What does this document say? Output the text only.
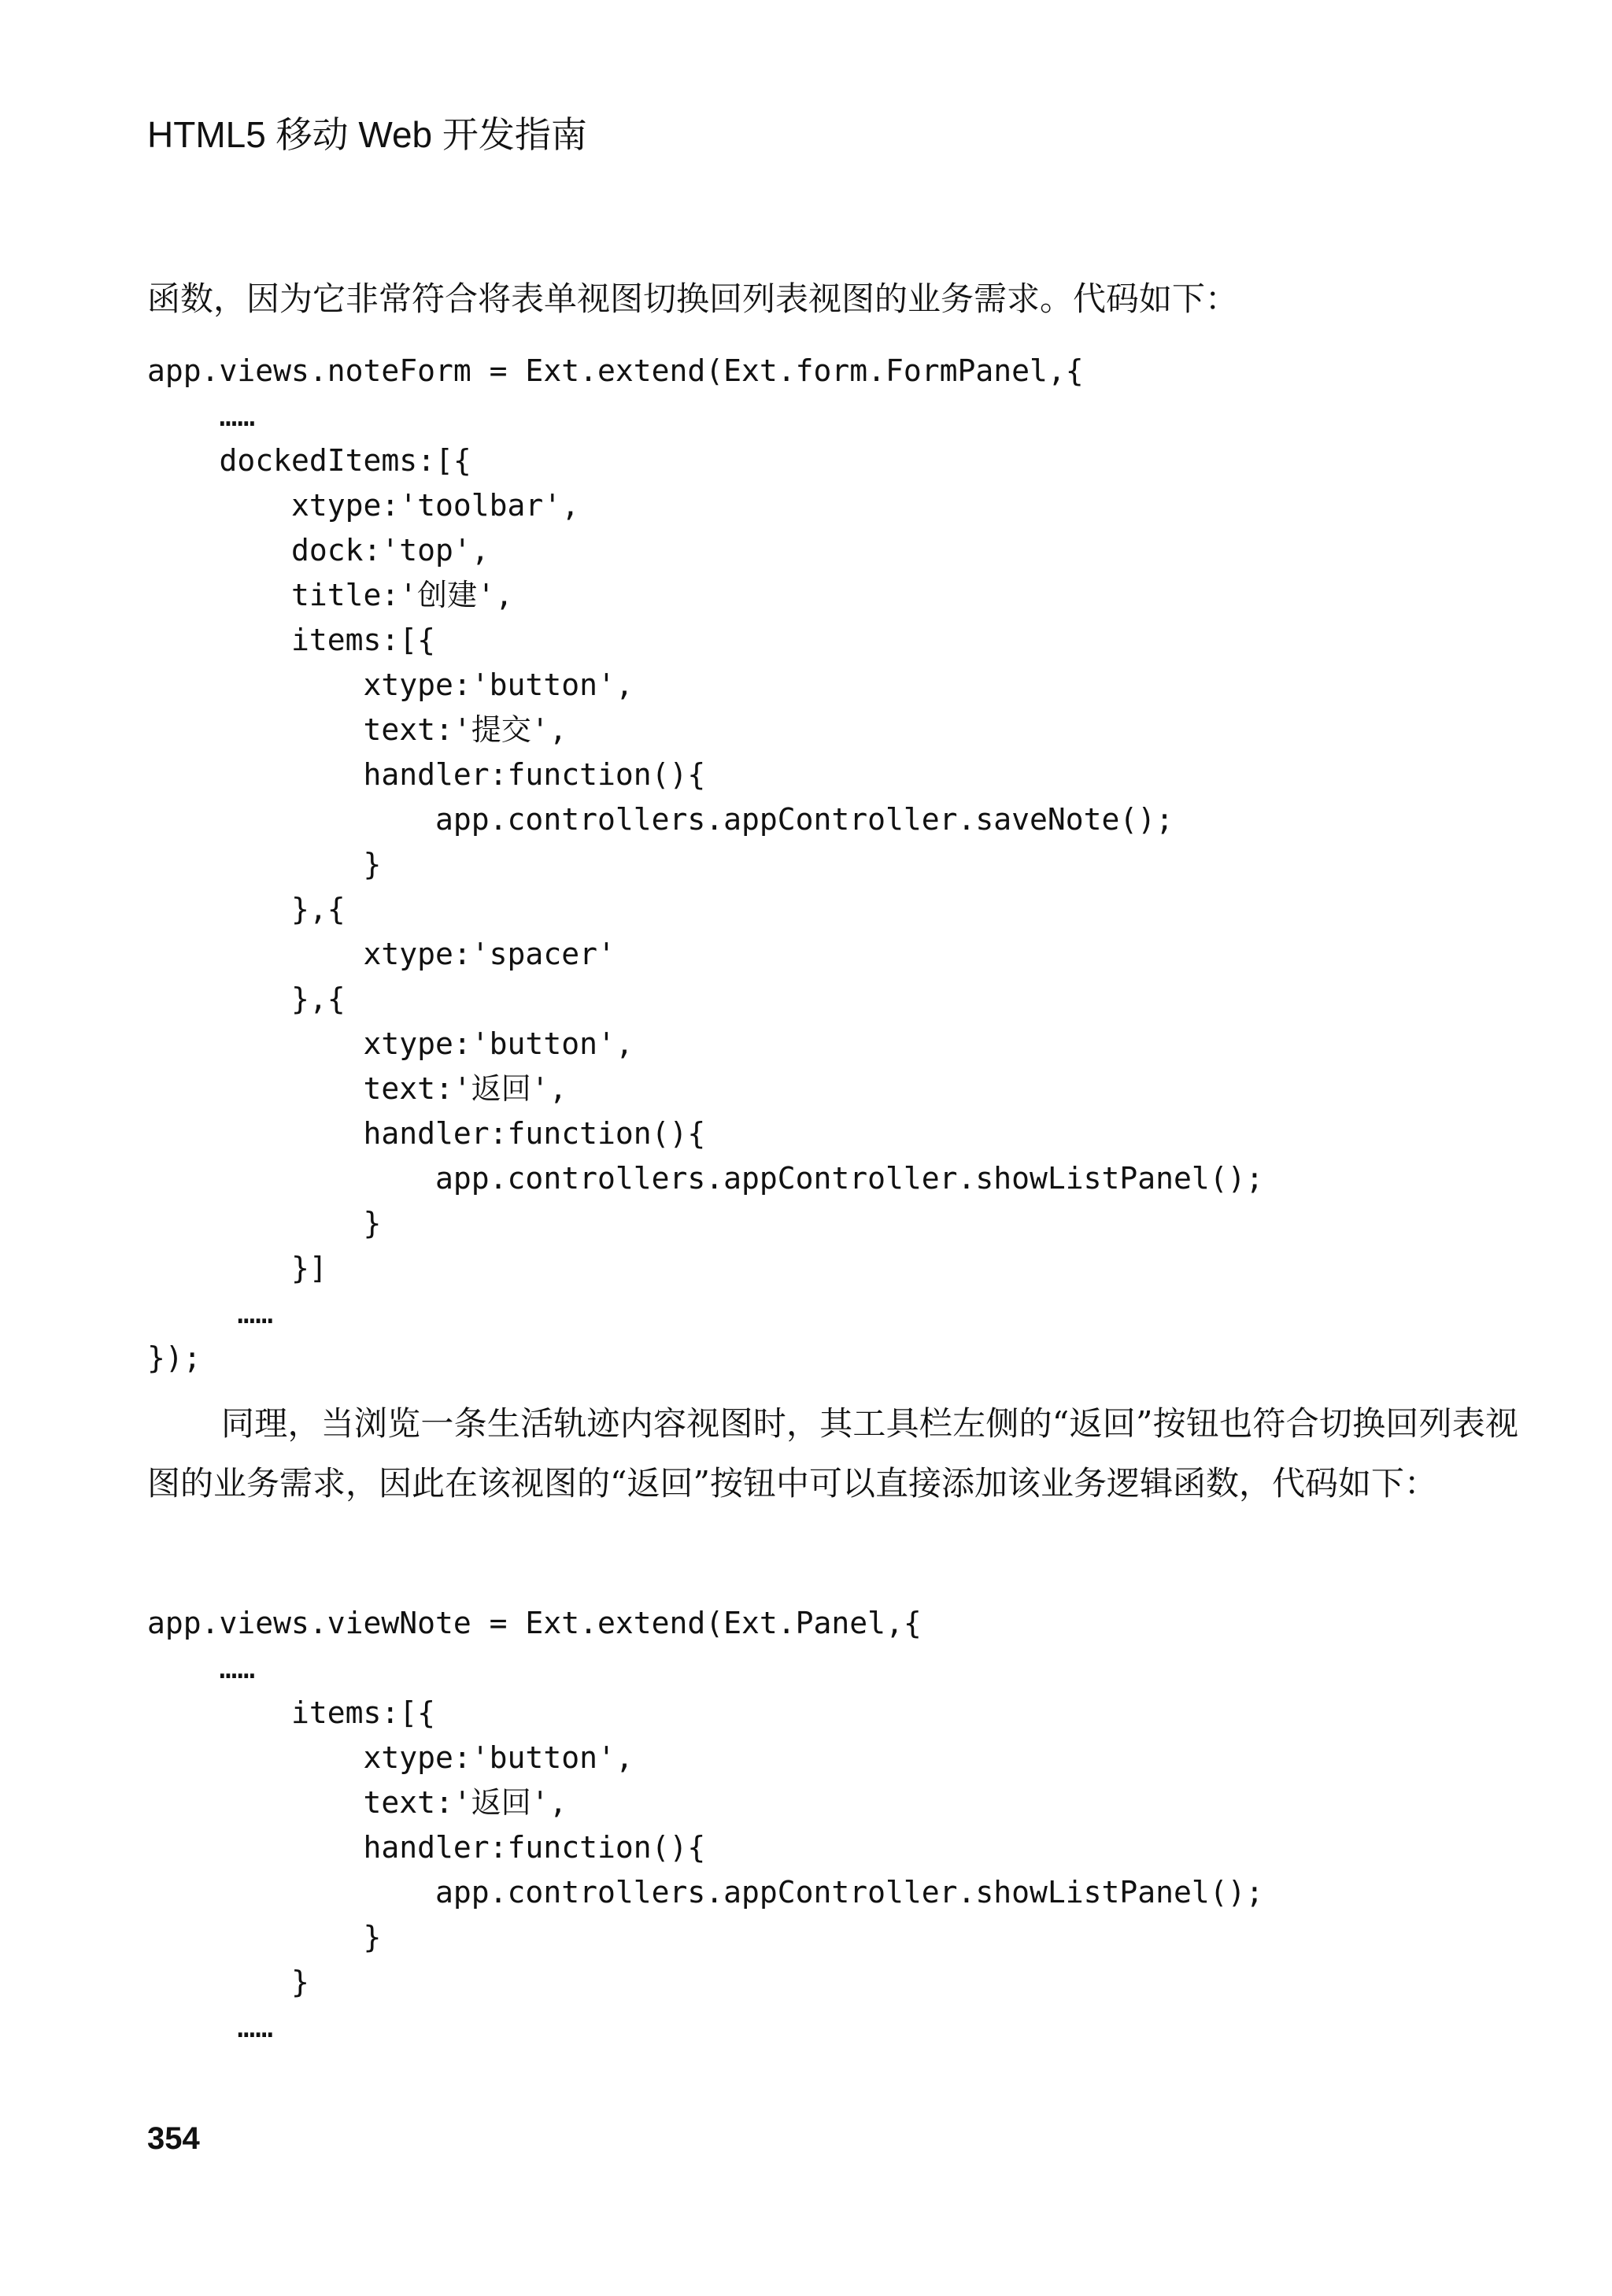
HTML5 移动 Web 开发指南

函数，因为它非常符合将表单视图切换回列表视图的业务需求。代码如下：

app.views.noteForm = Ext.extend(Ext.form.FormPanel,{
……
dockedItems:[{
xtype:'toolbar',
dock:'top',
title:'创建',
items:[{
xtype:'button',
text:'提交',
handler:function(){
app.controllers.appController.saveNote();
}
},{
xtype:'spacer'
},{
xtype:'button',
text:'返回',
handler:function(){
app.controllers.appController.showListPanel();
}
}]
……
});

同理，当浏览一条生活轨迹内容视图时，其工具栏左侧的“返回”按钮也符合切换回列表视图的业务需求，因此在该视图的“返回”按钮中可以直接添加该业务逻辑函数，代码如下：

app.views.viewNote = Ext.extend(Ext.Panel,{
……
items:[{
xtype:'button',
text:'返回',
handler:function(){
app.controllers.appController.showListPanel();
}
}
……
354
